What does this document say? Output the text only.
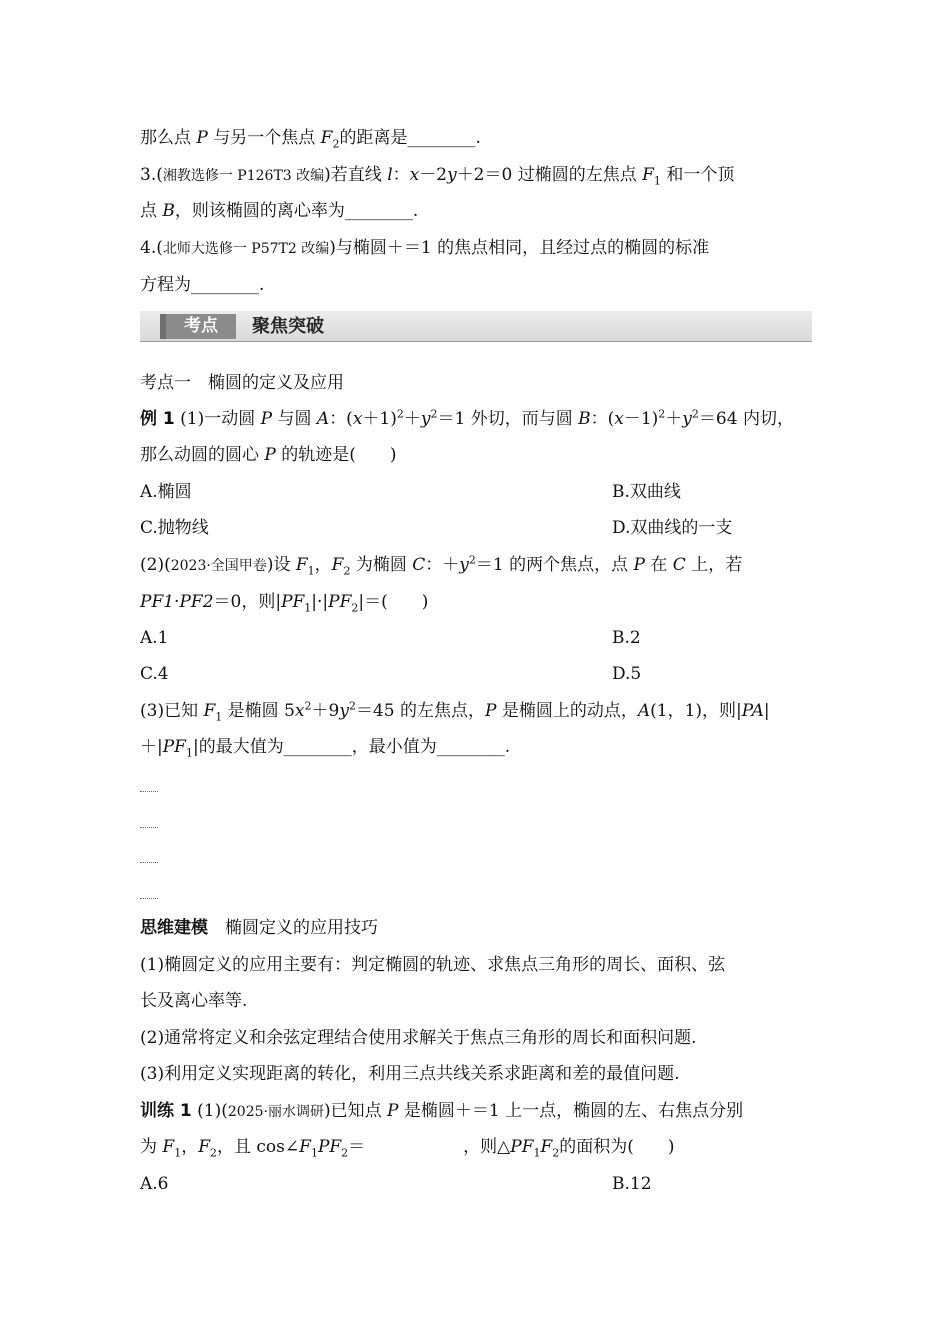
那么点 P 与另一个焦点 $F_2$的距离是________.
3.(湘教选修一 P126T3 改编)若直线 l：x－2y＋2＝0 过椭圆的左焦点 $F_1$ 和一个顶
点 B，则该椭圆的离心率为________.
4.(北师大选修一 P57T2 改编)与椭圆＋＝1 的焦点相同，且经过点的椭圆的标准
方程为________.
考点	聚焦突破
考点一　椭圆的定义及应用
例 1 (1)一动圆 P 与圆 A：$(x+1)^2+y^2=1$ 外切，而与圆 B：$(x-1)^2+y^2=64$ 内切，
那么动圆的圆心 P 的轨迹是(　　)
A.椭圆	B.双曲线
C.抛物线	D.双曲线的一支
(2)(2023·全国甲卷)设 $F_1$，$F_2$ 为椭圆 C：$+y^2=1$ 的两个焦点，点 P 在 C 上，若
PF1·PF2＝0，则$|PF_1|\cdot|PF_2|=$(　　)
A.1	B.2
C.4	D.5
(3)已知 $F_1$ 是椭圆 $5x^2+9y^2=45$ 的左焦点，P 是椭圆上的动点，A(1，1)，则|PA|
$+|PF_1|$的最大值为________，最小值为________.
思维建模　椭圆定义的应用技巧
(1)椭圆定义的应用主要有：判定椭圆的轨迹、求焦点三角形的周长、面积、弦
长及离心率等.
(2)通常将定义和余弦定理结合使用求解关于焦点三角形的周长和面积问题.
(3)利用定义实现距离的转化，利用三点共线关系求距离和差的最值问题.
训练 1 (1)(2025·丽水调研)已知点 P 是椭圆＋＝1 上一点，椭圆的左、右焦点分别
为 $F_1$，$F_2$，且 $\cos\angle F_1PF_2=$	，则$\triangle PF_1F_2$的面积为(　　)
A.6	B.12
